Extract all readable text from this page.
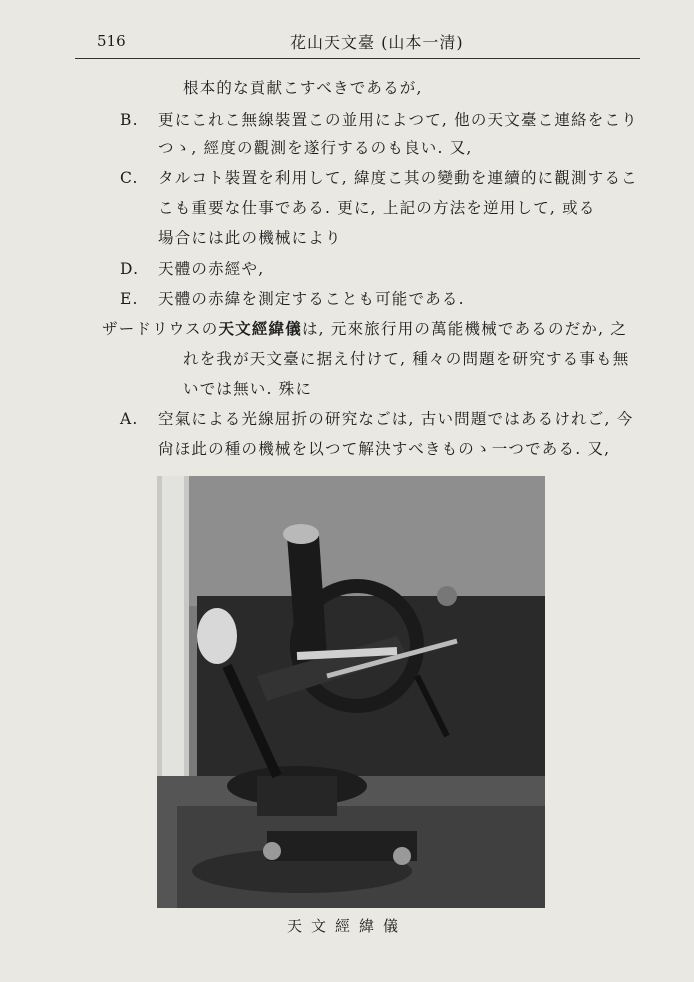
516	花山天文臺 (山本一清)
根本的な貢献こすべきであるが,
B. 更にこれこ無線裝置この並用によつて, 他の天文臺こ連絡をこり
つゝ, 經度の觀測を遂行するのも良い. 又,
C. タルコト裝置を利用して, 緯度こ其の變動を連續的に觀測するこ
こも重要な仕事である. 更に, 上記の方法を逆用して, 或る
場合には此の機械により
D. 天體の赤經や,
E. 天體の赤緯を測定することも可能である.
ザードリウスの天文經緯儀は, 元來旅行用の萬能機械であるのだか, 之
れを我が天文臺に据え付けて, 種々の問題を研究する事も無
いでは無い. 殊に
A. 空氣による光線屈折の研究なごは, 古い問題ではあるけれご, 今
尙ほ此の種の機械を以つて解決すべきものゝ一つである. 又,
天文經緯儀
